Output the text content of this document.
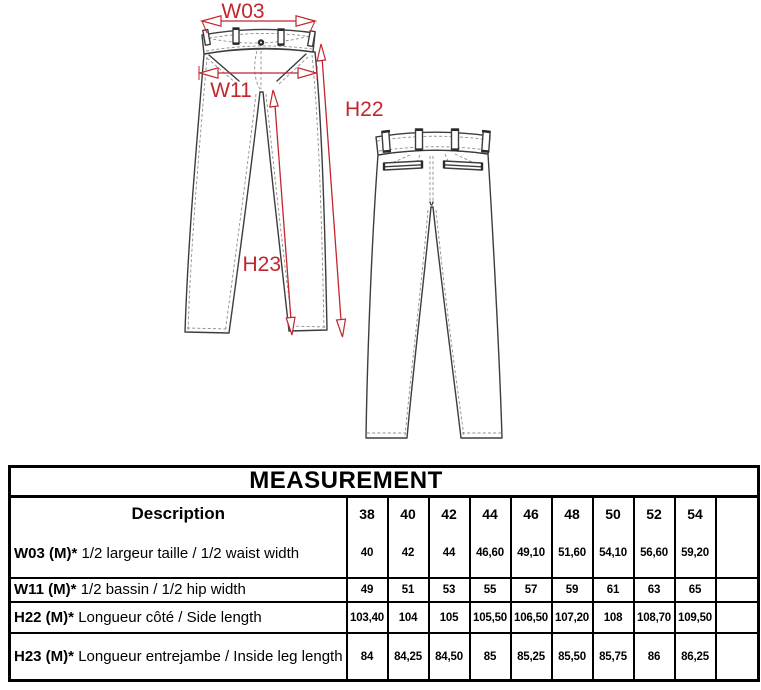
W03
W11
H22
H23
MEASUREMENT										
Description	38	40	42	44	46	48	50	52	54	
W03 (M)* 1/2 largeur taille / 1/2 waist width	40	42	44	46,60	49,10	51,60	54,10	56,60	59,20	
W11 (M)* 1/2 bassin / 1/2 hip width	49	51	53	55	57	59	61	63	65	
H22 (M)* Longueur côté / Side length	103,40	104	105	105,50	106,50	107,20	108	108,70	109,50	
H23 (M)* Longueur entrejambe / Inside leg length	84	84,25	84,50	85	85,25	85,50	85,75	86	86,25	
